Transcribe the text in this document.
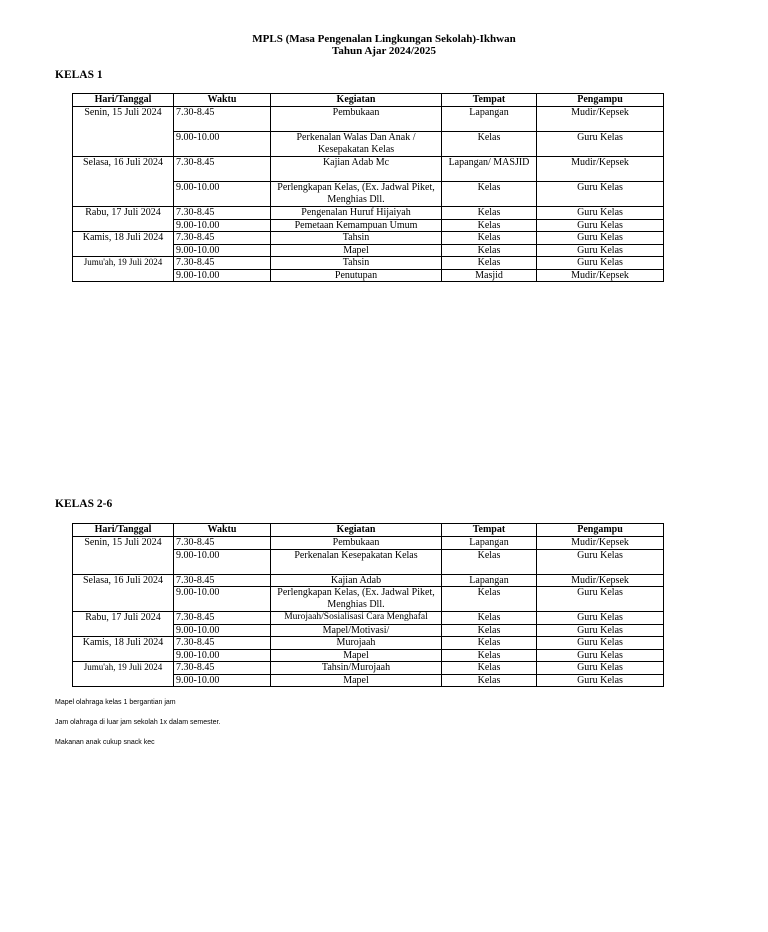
MPLS (Masa Pengenalan Lingkungan Sekolah)-Ikhwan
Tahun Ajar 2024/2025
KELAS 1
Hari/Tanggal	Waktu	Kegiatan	Tempat	Pengampu
Senin, 15 Juli 2024	7.30-8.45	Pembukaan	Lapangan	Mudir/Kepsek
	9.00-10.00	Perkenalan Walas Dan Anak / Kesepakatan Kelas	Kelas	Guru Kelas
Selasa, 16 Juli 2024	7.30-8.45	Kajian Adab Mc	Lapangan/ MASJID	Mudir/Kepsek
	9.00-10.00	Perlengkapan Kelas, (Ex. Jadwal Piket, Menghias Dll.	Kelas	Guru Kelas
Rabu, 17 Juli 2024	7.30-8.45	Pengenalan Huruf Hijaiyah	Kelas	Guru Kelas
	9.00-10.00	Pemetaan Kemampuan Umum	Kelas	Guru Kelas
Kamis, 18 Juli 2024	7.30-8.45	Tahsin	Kelas	Guru Kelas
	9.00-10.00	Mapel	Kelas	Guru Kelas
Jumu'ah, 19 Juli 2024	7.30-8.45	Tahsin	Kelas	Guru Kelas
	9.00-10.00	Penutupan	Masjid	Mudir/Kepsek
KELAS 2-6
Hari/Tanggal	Waktu	Kegiatan	Tempat	Pengampu
Senin, 15 Juli 2024	7.30-8.45	Pembukaan	Lapangan	Mudir/Kepsek
	9.00-10.00	Perkenalan Kesepakatan Kelas	Kelas	Guru Kelas
Selasa, 16 Juli 2024	7.30-8.45	Kajian Adab	Lapangan	Mudir/Kepsek
	9.00-10.00	Perlengkapan Kelas, (Ex. Jadwal Piket, Menghias Dll.	Kelas	Guru Kelas
Rabu, 17 Juli 2024	7.30-8.45	Murojaah/Sosialisasi Cara Menghafal	Kelas	Guru Kelas
	9.00-10.00	Mapel/Motivasi/	Kelas	Guru Kelas
Kamis, 18 Juli 2024	7.30-8.45	Murojaah	Kelas	Guru Kelas
	9.00-10.00	Mapel	Kelas	Guru Kelas
Jumu'ah, 19 Juli 2024	7.30-8.45	Tahsin/Murojaah	Kelas	Guru Kelas
	9.00-10.00	Mapel	Kelas	Guru Kelas
Mapel olahraga kelas 1 bergantian jam
Jam olahraga di luar jam sekolah 1x dalam semester.
Makanan anak cukup snack kec
